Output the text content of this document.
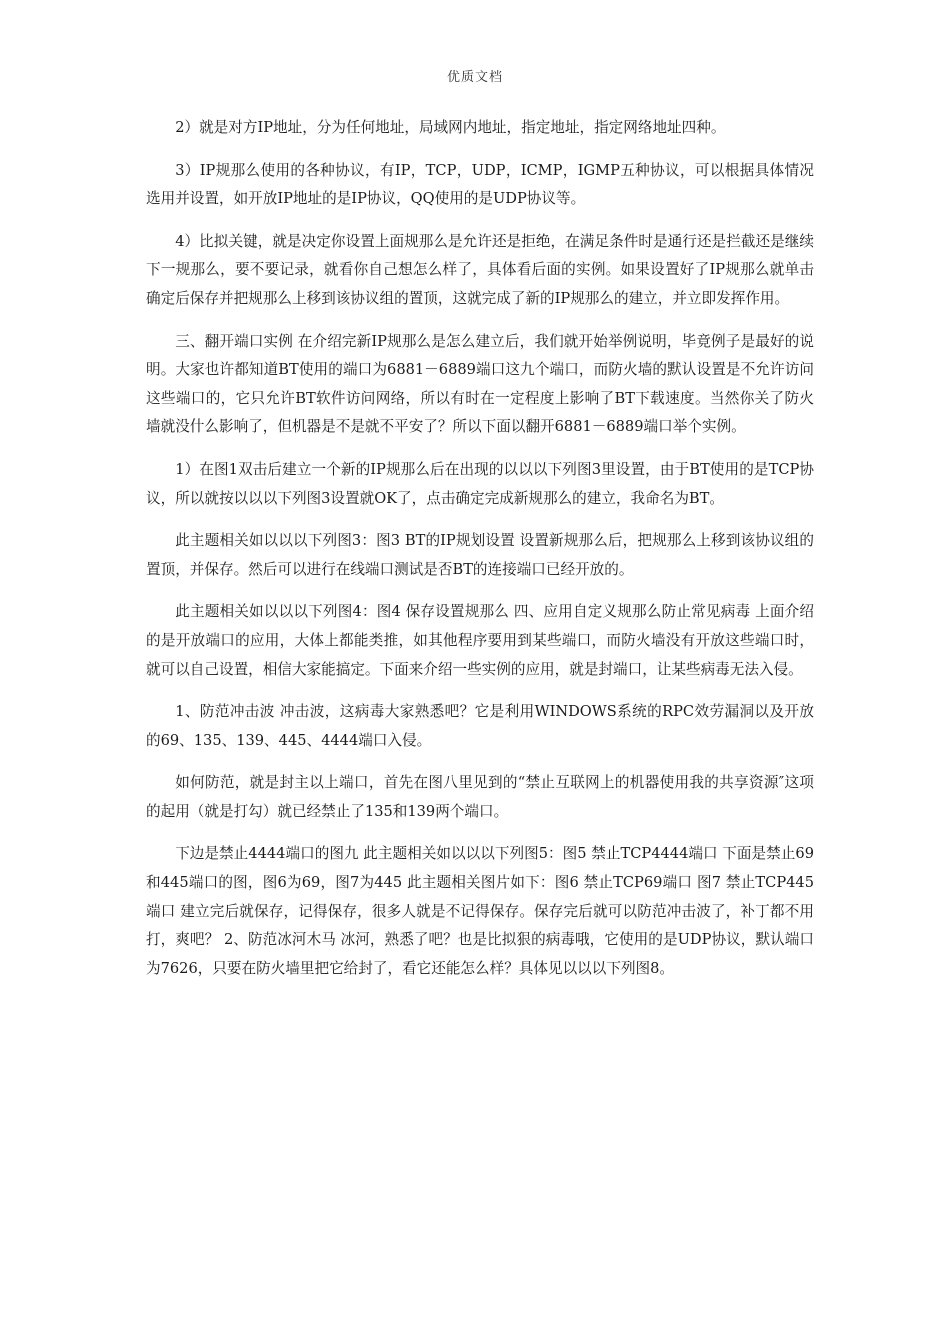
优质文档

2）就是对方IP地址，分为任何地址，局域网内地址，指定地址，指定网络地址四种。

3）IP规那么使用的各种协议，有IP，TCP，UDP，ICMP，IGMP五种协议，可以根据具体情况选用并设置，如开放IP地址的是IP协议，QQ使用的是UDP协议等。

4）比拟关键，就是决定你设置上面规那么是允许还是拒绝，在满足条件时是通行还是拦截还是继续下一规那么，要不要记录，就看你自己想怎么样了，具体看后面的实例。如果设置好了IP规那么就单击确定后保存并把规那么上移到该协议组的置顶，这就完成了新的IP规那么的建立，并立即发挥作用。

三、翻开端口实例 在介绍完新IP规那么是怎么建立后，我们就开始举例说明，毕竟例子是最好的说明。大家也许都知道BT使用的端口为6881－6889端口这九个端口，而防火墙的默认设置是不允许访问这些端口的，它只允许BT软件访问网络，所以有时在一定程度上影响了BT下载速度。当然你关了防火墙就没什么影响了，但机器是不是就不平安了？所以下面以翻开6881－6889端口举个实例。

1）在图1双击后建立一个新的IP规那么后在出现的以以以下列图3里设置，由于BT使用的是TCP协议，所以就按以以以下列图3设置就OK了，点击确定完成新规那么的建立，我命名为BT。

此主题相关如以以以下列图3：图3 BT的IP规划设置 设置新规那么后，把规那么上移到该协议组的置顶，并保存。然后可以进行在线端口测试是否BT的连接端口已经开放的。

此主题相关如以以以下列图4：图4 保存设置规那么 四、应用自定义规那么防止常见病毒 上面介绍的是开放端口的应用，大体上都能类推，如其他程序要用到某些端口，而防火墙没有开放这些端口时，就可以自己设置，相信大家能搞定。下面来介绍一些实例的应用，就是封端口，让某些病毒无法入侵。

1、防范冲击波 冲击波，这病毒大家熟悉吧？它是利用WINDOWS系统的RPC效劳漏洞以及开放的69、135、139、445、4444端口入侵。

如何防范，就是封主以上端口，首先在图八里见到的“禁止互联网上的机器使用我的共享资源″这项的起用（就是打勾）就已经禁止了135和139两个端口。

下边是禁止4444端口的图九 此主题相关如以以以下列图5：图5 禁止TCP4444端口 下面是禁止69和445端口的图，图6为69，图7为445 此主题相关图片如下：图6 禁止TCP69端口 图7 禁止TCP445端口 建立完后就保存，记得保存，很多人就是不记得保存。保存完后就可以防范冲击波了，补丁都不用打，爽吧？ 2、防范冰河木马 冰河，熟悉了吧？也是比拟狠的病毒哦，它使用的是UDP协议，默认端口为7626，只要在防火墙里把它给封了，看它还能怎么样？具体见以以以下列图8。
